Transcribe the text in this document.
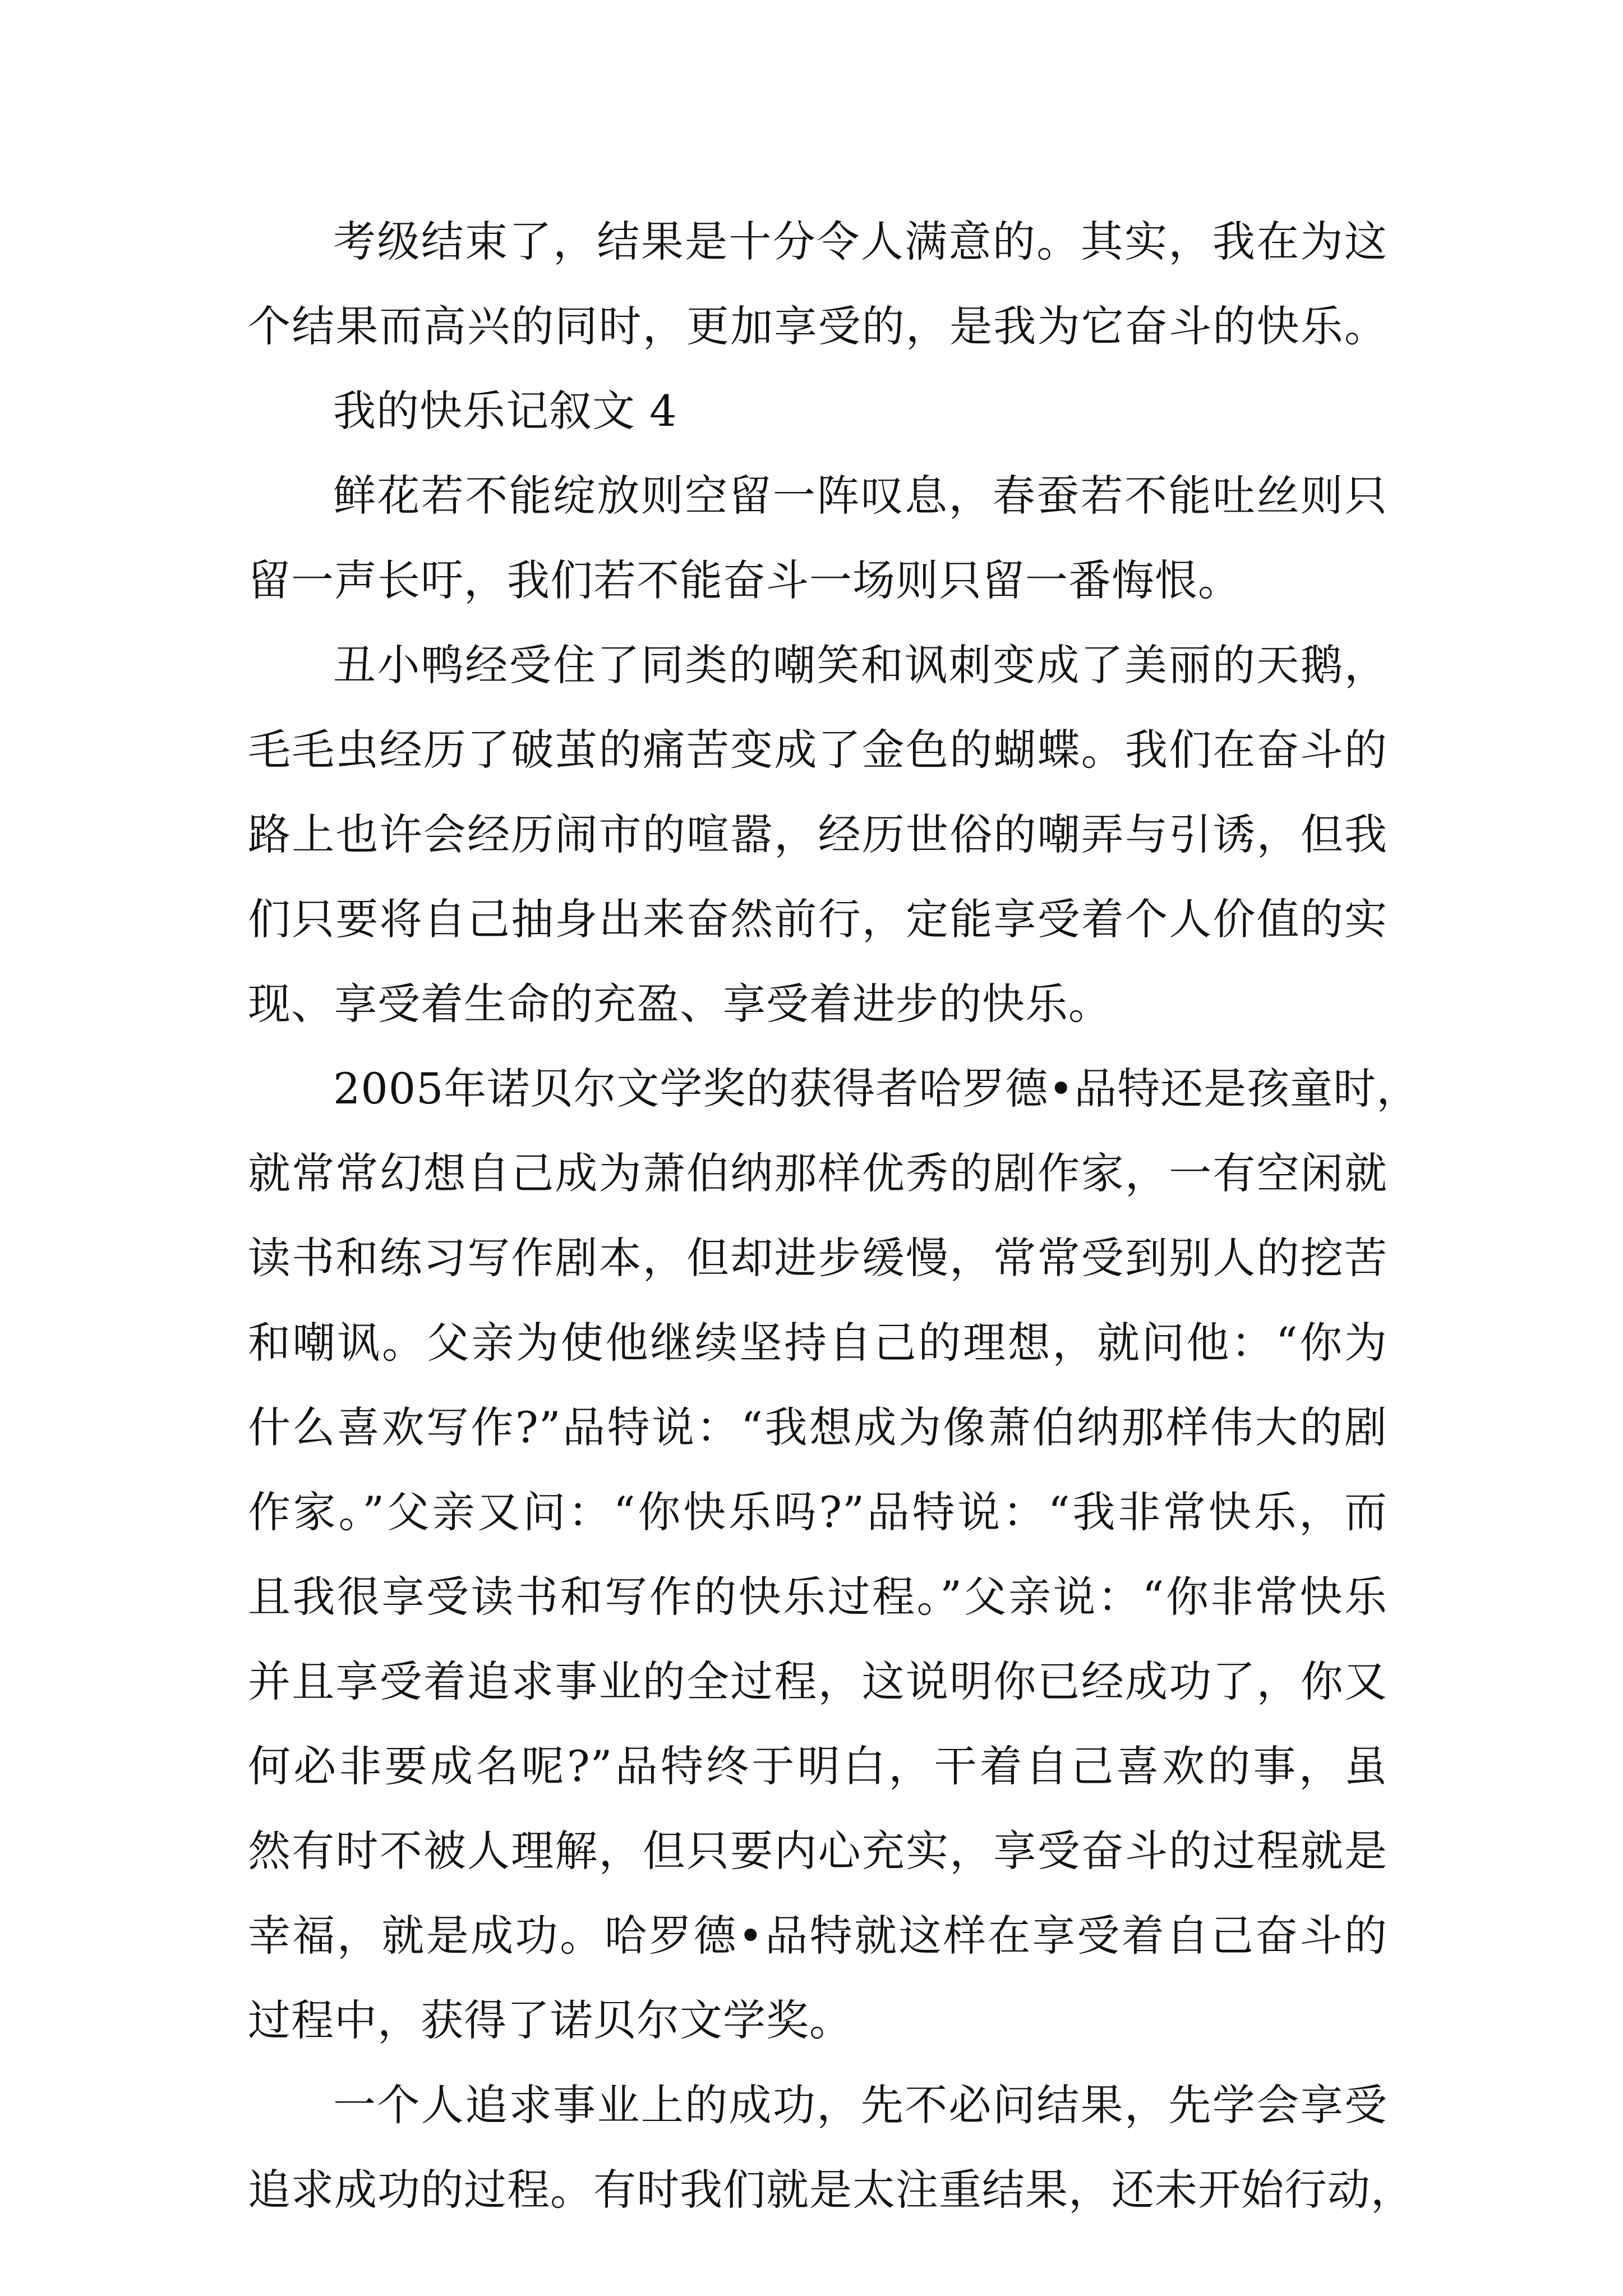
考级结束了，结果是十分令人满意的。其实，我在为这
个结果而高兴的同时，更加享受的，是我为它奋斗的快乐。
我的快乐记叙文 4
鲜花若不能绽放则空留一阵叹息，春蚕若不能吐丝则只
留一声长吁，我们若不能奋斗一场则只留一番悔恨。
丑小鸭经受住了同类的嘲笑和讽刺变成了美丽的天鹅，
毛毛虫经历了破茧的痛苦变成了金色的蝴蝶。我们在奋斗的
路上也许会经历闹市的喧嚣，经历世俗的嘲弄与引诱，但我
们只要将自己抽身出来奋然前行，定能享受着个人价值的实
现、享受着生命的充盈、享受着进步的快乐。
2005年诺贝尔文学奖的获得者哈罗德•品特还是孩童时，
就常常幻想自己成为萧伯纳那样优秀的剧作家，一有空闲就
读书和练习写作剧本，但却进步缓慢，常常受到别人的挖苦
和嘲讽。父亲为使他继续坚持自己的理想，就问他：“你为
什么喜欢写作?”品特说：“我想成为像萧伯纳那样伟大的剧
作家。”父亲又问：“你快乐吗?”品特说：“我非常快乐，而
且我很享受读书和写作的快乐过程。”父亲说：“你非常快乐
并且享受着追求事业的全过程，这说明你已经成功了，你又
何必非要成名呢?”品特终于明白，干着自己喜欢的事，虽
然有时不被人理解，但只要内心充实，享受奋斗的过程就是
幸福，就是成功。哈罗德•品特就这样在享受着自己奋斗的
过程中，获得了诺贝尔文学奖。
一个人追求事业上的成功，先不必问结果，先学会享受
追求成功的过程。有时我们就是太注重结果，还未开始行动，
